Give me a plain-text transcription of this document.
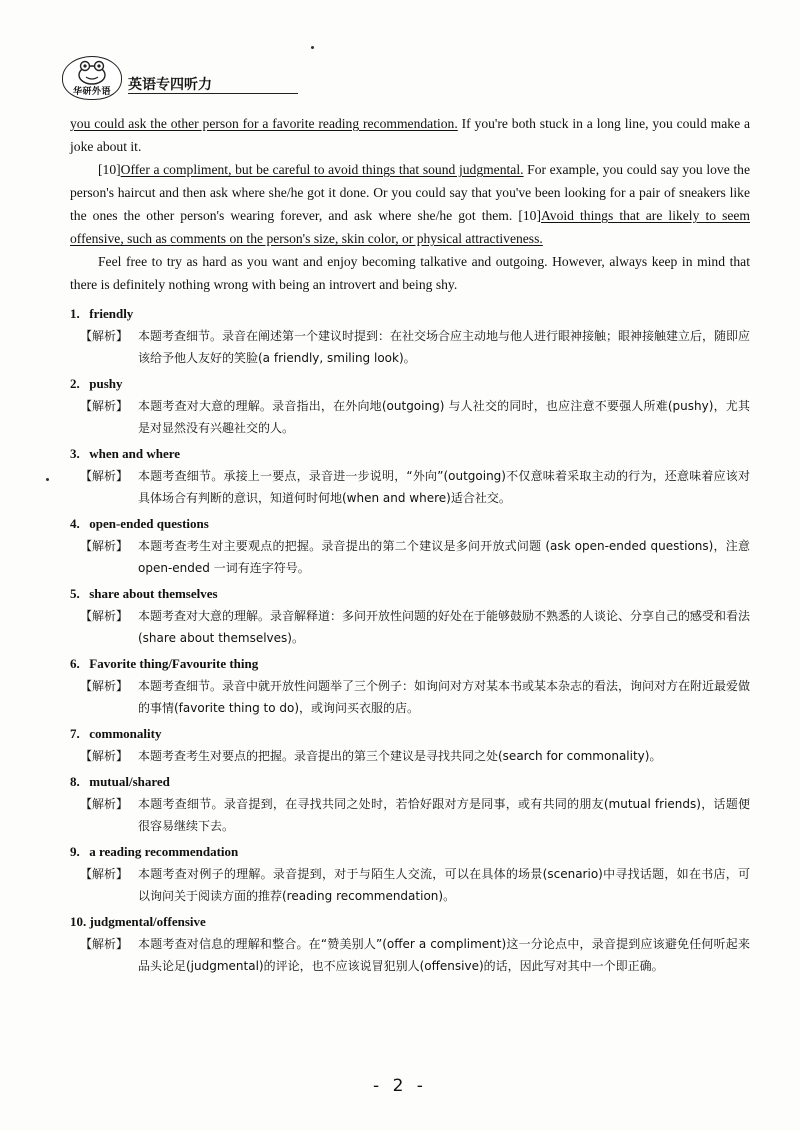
华研外语	英语专四听力

you could ask the other person for a favorite reading recommendation. If you're both stuck in a long line, you could make a joke about it.

[10]Offer a compliment, but be careful to avoid things that sound judgmental. For example, you could say you love the person's haircut and then ask where she/he got it done. Or you could say that you've been looking for a pair of sneakers like the ones the other person's wearing forever, and ask where she/he got them. [10]Avoid things that are likely to seem offensive, such as comments on the person's size, skin color, or physical attractiveness.

Feel free to try as hard as you want and enjoy becoming talkative and outgoing. However, always keep in mind that there is definitely nothing wrong with being an introvert and being shy.

1. friendly

【解析】 本题考查细节。录音在阐述第一个建议时提到：在社交场合应主动地与他人进行眼神接触；眼神接触建立后，随即应该给予他人友好的笑脸(a friendly, smiling look)。

2. pushy

【解析】 本题考查对大意的理解。录音指出，在外向地(outgoing) 与人社交的同时，也应注意不要强人所难(pushy)，尤其是对显然没有兴趣社交的人。

3. when and where

【解析】 本题考查细节。承接上一要点，录音进一步说明，“外向”(outgoing)不仅意味着采取主动的行为，还意味着应该对具体场合有判断的意识，知道何时何地(when and where)适合社交。

4. open-ended questions

【解析】 本题考查考生对主要观点的把握。录音提出的第二个建议是多问开放式问题 (ask open-ended questions)，注意 open-ended 一词有连字符号。

5. share about themselves

【解析】 本题考查对大意的理解。录音解释道：多问开放性问题的好处在于能够鼓励不熟悉的人谈论、分享自己的感受和看法(share about themselves)。

6. Favorite thing/Favourite thing

【解析】 本题考查细节。录音中就开放性问题举了三个例子：如询问对方对某本书或某本杂志的看法，询问对方在附近最爱做的事情(favorite thing to do)，或询问买衣服的店。

7. commonality

【解析】 本题考查考生对要点的把握。录音提出的第三个建议是寻找共同之处(search for commonality)。

8. mutual/shared

【解析】 本题考查细节。录音提到，在寻找共同之处时，若恰好跟对方是同事，或有共同的朋友(mutual friends)，话题便很容易继续下去。

9. a reading recommendation

【解析】 本题考查对例子的理解。录音提到，对于与陌生人交流，可以在具体的场景(scenario)中寻找话题，如在书店，可以询问关于阅读方面的推荐(reading recommendation)。

10. judgmental/offensive

【解析】 本题考查对信息的理解和整合。在“赞美别人”(offer a compliment)这一分论点中，录音提到应该避免任何听起来品头论足(judgmental)的评论，也不应该说冒犯别人(offensive)的话，因此写对其中一个即正确。
- 2 -
